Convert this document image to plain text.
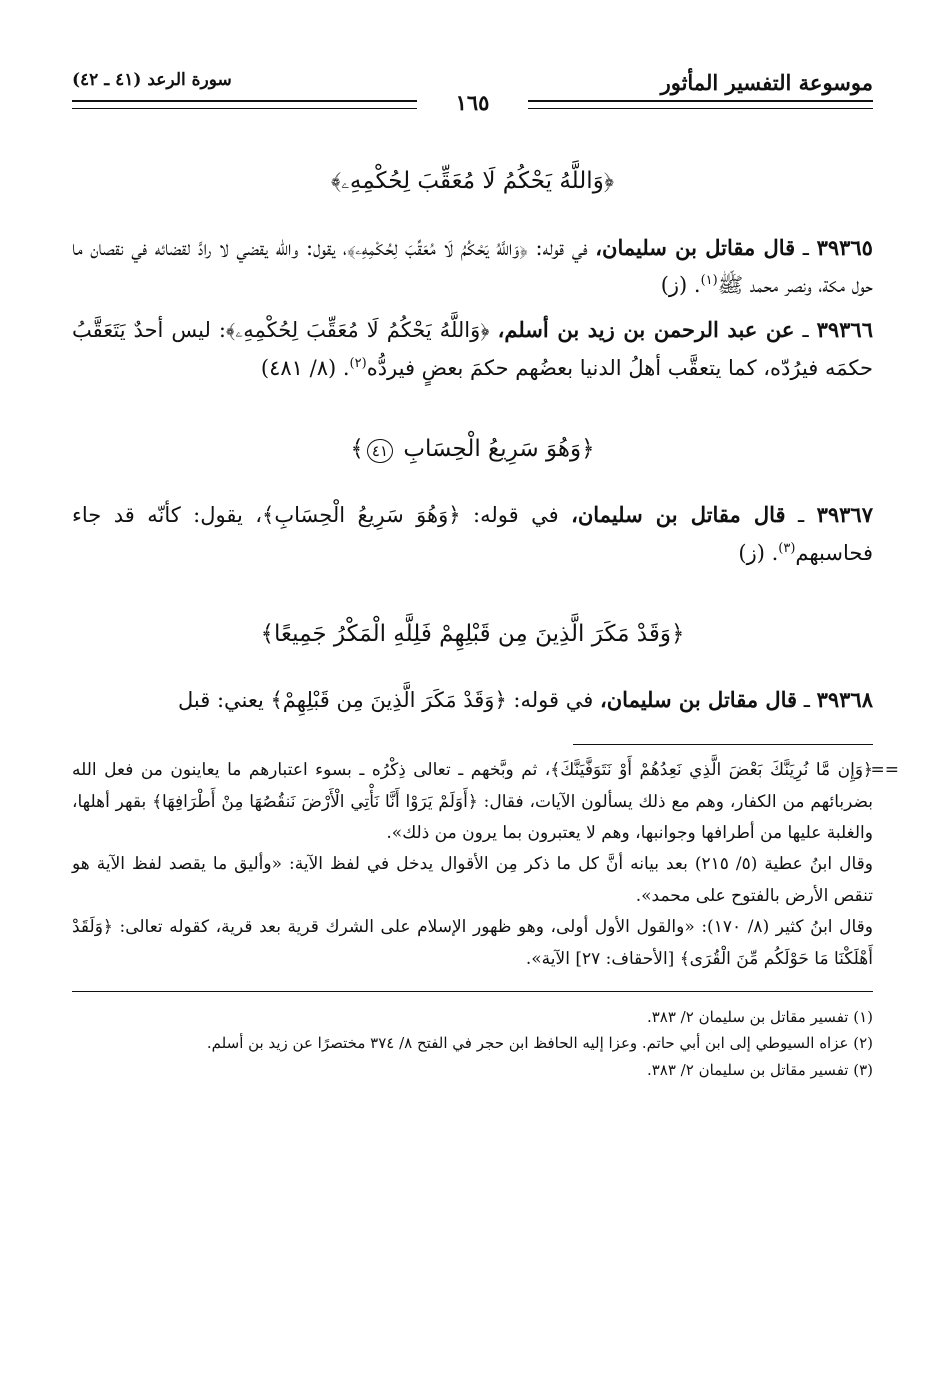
موسوعة التفسير المأثور
١٦٥
سورة الرعد (٤١ ـ ٤٢)
﴿وَاللَّهُ يَحْكُمُ لَا مُعَقِّبَ لِحُكْمِهِۦ﴾

٣٩٣٦٥ ـ قال مقاتل بن سليمان، في قوله: ﴿وَاللَّهُ يَحْكُمُ لَا مُعَقِّبَ لِحُكْمِهِۦ﴾، يقول: والله يقضي لا رادَّ لقضائه في نقصان ما حول مكة، ونصر محمد ﷺ$^{(١)}$. (ز)

٣٩٣٦٦ ـ عن عبد الرحمن بن زيد بن أسلم، ﴿وَاللَّهُ يَحْكُمُ لَا مُعَقِّبَ لِحُكْمِهِۦ﴾: ليس أحدٌ يَتَعَقَّبُ حكمَه فيرُدّه، كما يتعقَّب أهلُ الدنيا بعضُهم حكمَ بعضٍ فيردُّه$^{(٢)}$. (٨/ ٤٨١)

﴿وَهُوَ سَرِيعُ الْحِسَابِ ٤١﴾

٣٩٣٦٧ ـ قال مقاتل بن سليمان، في قوله: ﴿وَهُوَ سَرِيعُ الْحِسَابِ﴾، يقول: كأنّه قد جاء فحاسبهم$^{(٣)}$. (ز)

﴿وَقَدْ مَكَرَ الَّذِينَ مِن قَبْلِهِمْ فَلِلَّهِ الْمَكْرُ جَمِيعًا﴾

٣٩٣٦٨ ـ قال مقاتل بن سليمان، في قوله: ﴿وَقَدْ مَكَرَ الَّذِينَ مِن قَبْلِهِمْ﴾ يعني: قبل

==

﴿وَإِن مَّا نُرِيَنَّكَ بَعْضَ الَّذِي نَعِدُهُمْ أَوْ نَتَوَفَّيَنَّكَ﴾، ثم وبَّخهم ـ تعالى ذِكْرُه ـ بسوء اعتبارهم ما يعاينون من فعل الله بضربائهم من الكفار، وهم مع ذلك يسألون الآيات، فقال: ﴿أَوَلَمْ يَرَوْا أَنَّا نَأْتِي الْأَرْضَ نَنقُصُهَا مِنْ أَطْرَافِهَا﴾ بقهر أهلها، والغلبة عليها من أطرافها وجوانبها، وهم لا يعتبرون بما يرون من ذلك».

وقال ابنُ عطية (٥/ ٢١٥) بعد بيانه أنَّ كل ما ذكر مِن الأقوال يدخل في لفظ الآية: «وأليق ما يقصد لفظ الآية هو تنقص الأرض بالفتوح على محمد».

وقال ابنُ كثير (٨/ ١٧٠): «والقول الأول أولى، وهو ظهور الإسلام على الشرك قرية بعد قرية، كقوله تعالى: ﴿وَلَقَدْ أَهْلَكْنَا مَا حَوْلَكُم مِّنَ الْقُرَى﴾ [الأحقاف: ٢٧] الآية».

(١) تفسير مقاتل بن سليمان ٢/ ٣٨٣.

(٢) عزاه السيوطي إلى ابن أبي حاتم. وعزا إليه الحافظ ابن حجر في الفتح ٨/ ٣٧٤ مختصرًا عن زيد بن أسلم.

(٣) تفسير مقاتل بن سليمان ٢/ ٣٨٣.
